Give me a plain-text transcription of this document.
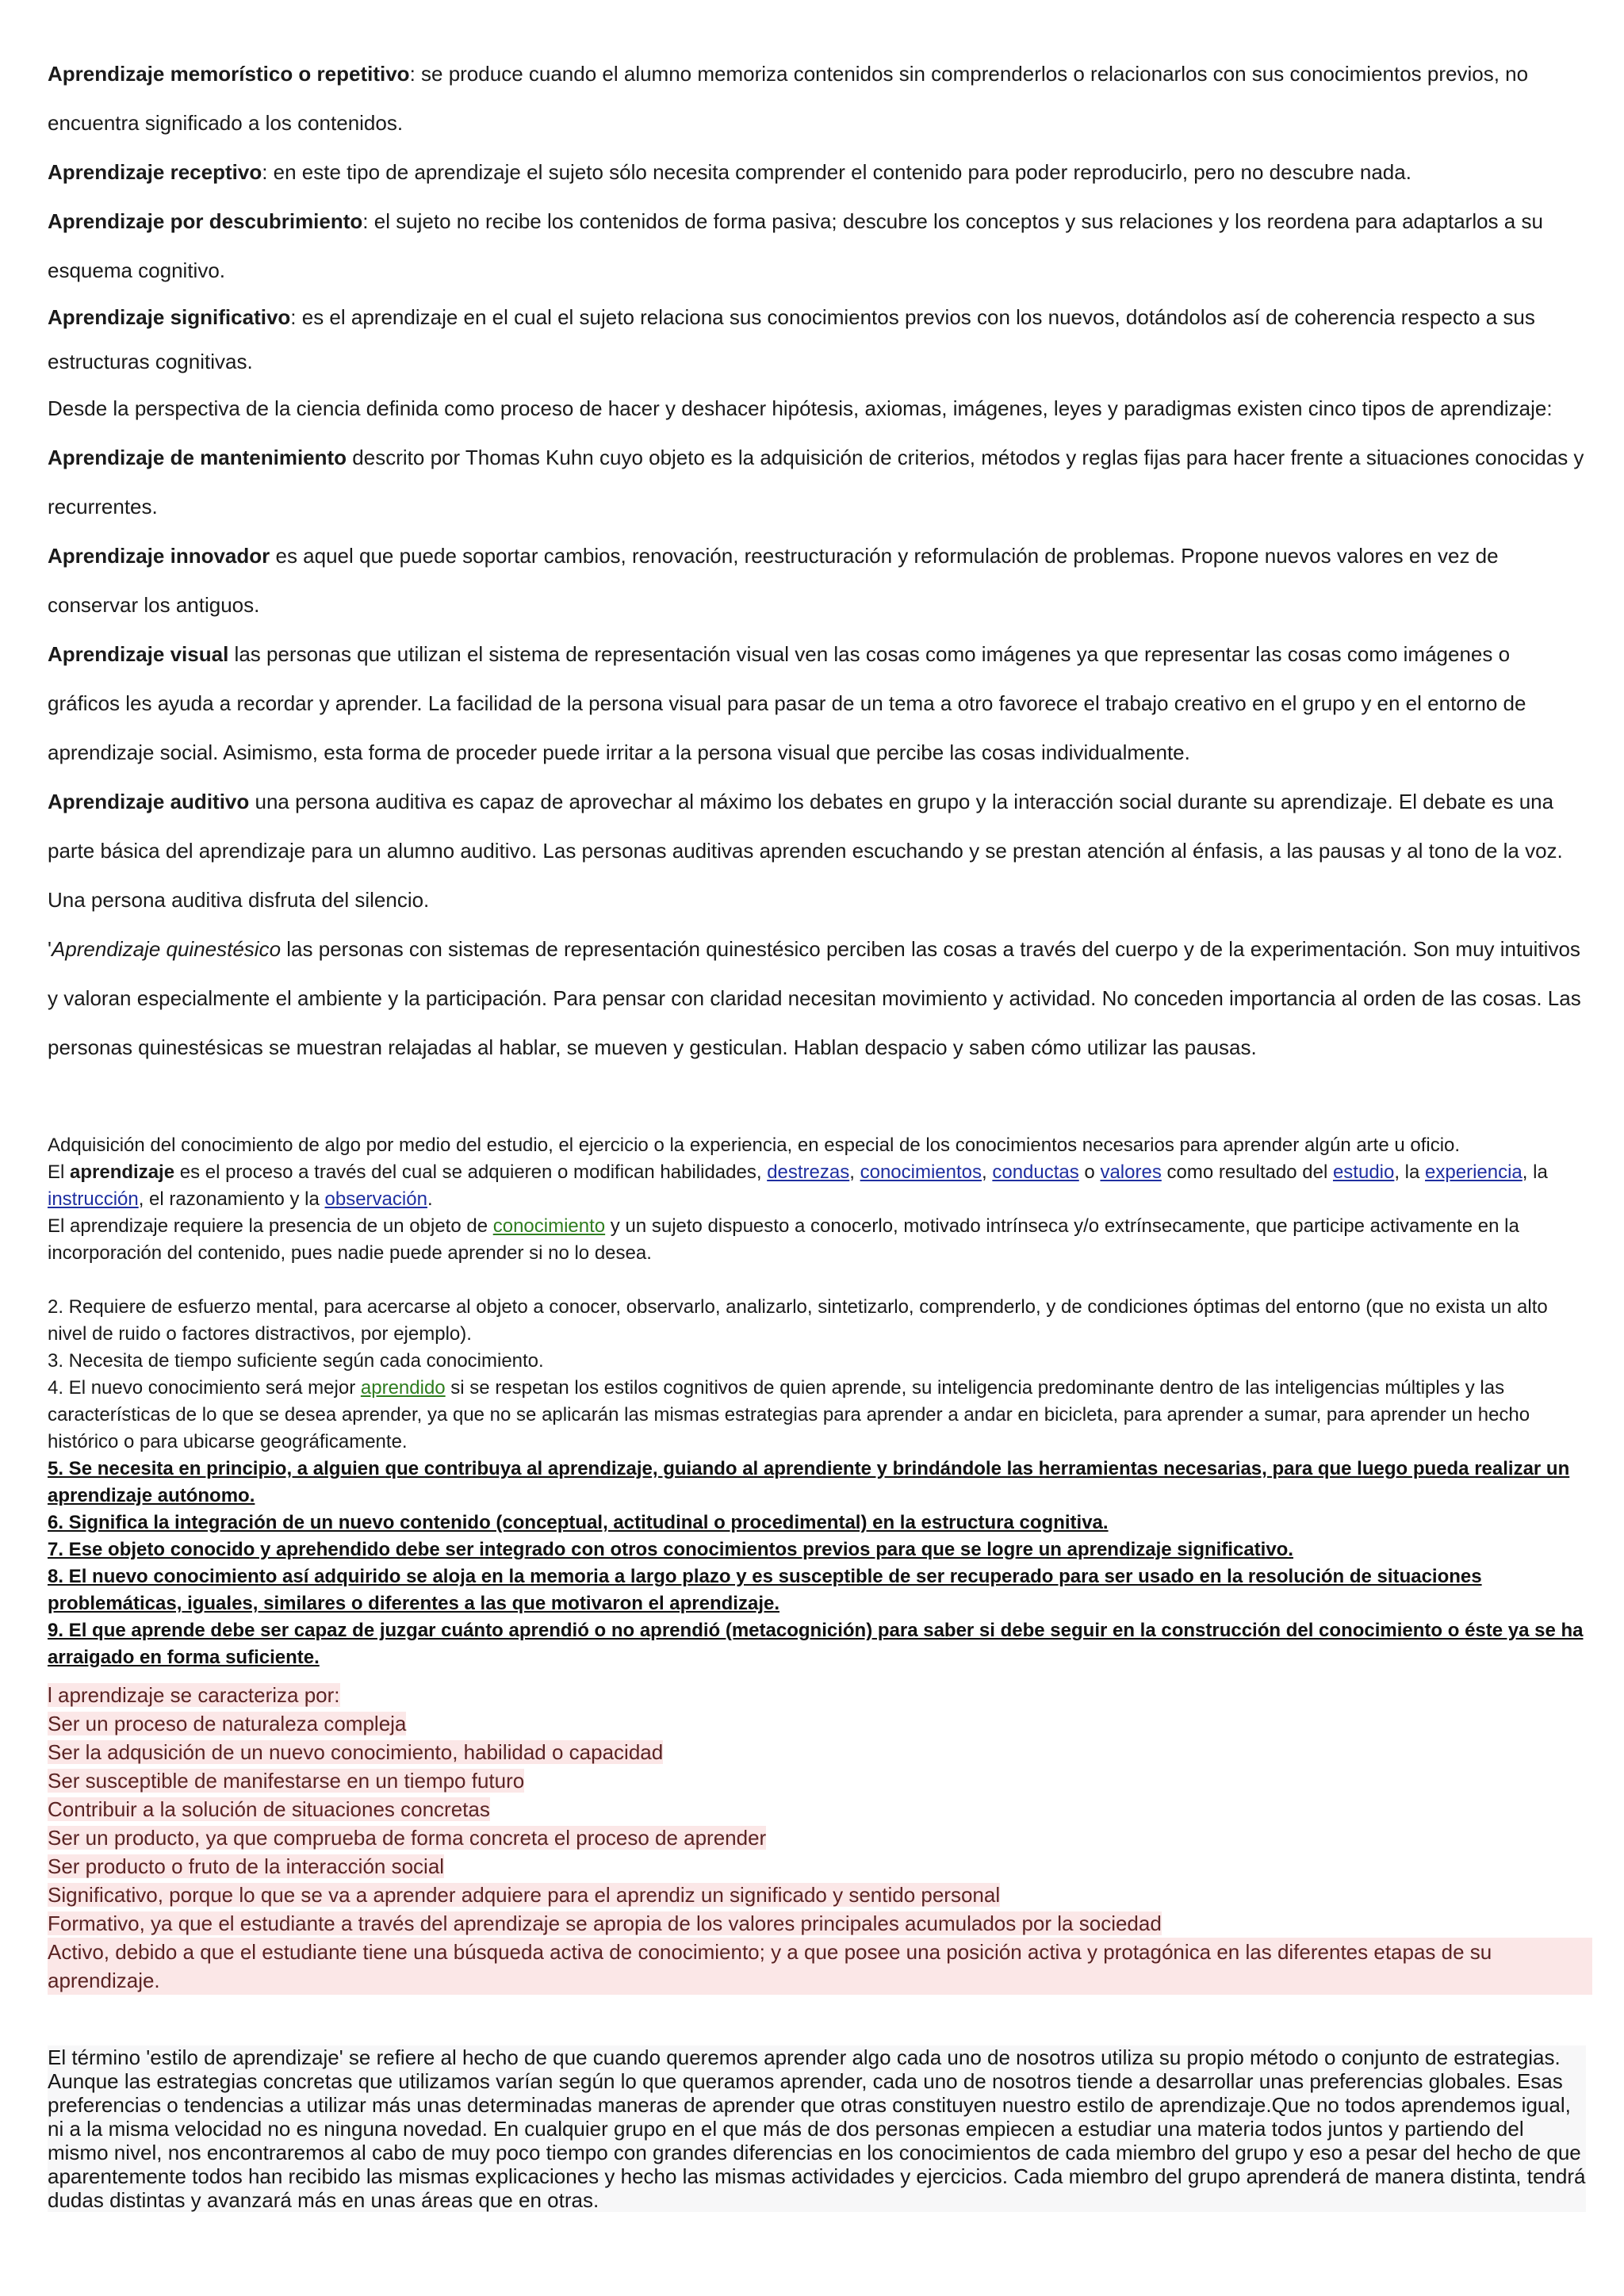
Aprendizaje memorístico o repetitivo: se produce cuando el alumno memoriza contenidos sin comprenderlos o relacionarlos con sus conocimientos previos, no encuentra significado a los contenidos.

Aprendizaje receptivo: en este tipo de aprendizaje el sujeto sólo necesita comprender el contenido para poder reproducirlo, pero no descubre nada.

Aprendizaje por descubrimiento: el sujeto no recibe los contenidos de forma pasiva; descubre los conceptos y sus relaciones y los reordena para adaptarlos a su esquema cognitivo.

Aprendizaje significativo: es el aprendizaje en el cual el sujeto relaciona sus conocimientos previos con los nuevos, dotándolos así de coherencia respecto a sus estructuras cognitivas.

Desde la perspectiva de la ciencia definida como proceso de hacer y deshacer hipótesis, axiomas, imágenes, leyes y paradigmas existen cinco tipos de aprendizaje:

Aprendizaje de mantenimiento descrito por Thomas Kuhn cuyo objeto es la adquisición de criterios, métodos y reglas fijas para hacer frente a situaciones conocidas y recurrentes.

Aprendizaje innovador es aquel que puede soportar cambios, renovación, reestructuración y reformulación de problemas. Propone nuevos valores en vez de conservar los antiguos.

Aprendizaje visual las personas que utilizan el sistema de representación visual ven las cosas como imágenes ya que representar las cosas como imágenes o gráficos les ayuda a recordar y aprender. La facilidad de la persona visual para pasar de un tema a otro favorece el trabajo creativo en el grupo y en el entorno de aprendizaje social. Asimismo, esta forma de proceder puede irritar a la persona visual que percibe las cosas individualmente.

Aprendizaje auditivo una persona auditiva es capaz de aprovechar al máximo los debates en grupo y la interacción social durante su aprendizaje. El debate es una parte básica del aprendizaje para un alumno auditivo. Las personas auditivas aprenden escuchando y se prestan atención al énfasis, a las pausas y al tono de la voz. Una persona auditiva disfruta del silencio.

'Aprendizaje quinestésico las personas con sistemas de representación quinestésico perciben las cosas a través del cuerpo y de la experimentación. Son muy intuitivos y valoran especialmente el ambiente y la participación. Para pensar con claridad necesitan movimiento y actividad. No conceden importancia al orden de las cosas. Las personas quinestésicas se muestran relajadas al hablar, se mueven y gesticulan. Hablan despacio y saben cómo utilizar las pausas.

Adquisición del conocimiento de algo por medio del estudio, el ejercicio o la experiencia, en especial de los conocimientos necesarios para aprender algún arte u oficio.

El aprendizaje es el proceso a través del cual se adquieren o modifican habilidades, destrezas, conocimientos, conductas o valores como resultado del estudio, la experiencia, la instrucción, el razonamiento y la observación.

El aprendizaje requiere la presencia de un objeto de conocimiento y un sujeto dispuesto a conocerlo, motivado intrínseca y/o extrínsecamente, que participe activamente en la incorporación del contenido, pues nadie puede aprender si no lo desea.

2. Requiere de esfuerzo mental, para acercarse al objeto a conocer, observarlo, analizarlo, sintetizarlo, comprenderlo, y de condiciones óptimas del entorno (que no exista un alto nivel de ruido o factores distractivos, por ejemplo).

3. Necesita de tiempo suficiente según cada conocimiento.

4. El nuevo conocimiento será mejor aprendido si se respetan los estilos cognitivos de quien aprende, su inteligencia predominante dentro de las inteligencias múltiples y las características de lo que se desea aprender, ya que no se aplicarán las mismas estrategias para aprender a andar en bicicleta, para aprender a sumar, para aprender un hecho histórico o para ubicarse geográficamente.

5. Se necesita en principio, a alguien que contribuya al aprendizaje, guiando al aprendiente y brindándole las herramientas necesarias, para que luego pueda realizar un aprendizaje autónomo.

6. Significa la integración de un nuevo contenido (conceptual, actitudinal o procedimental) en la estructura cognitiva.

7. Ese objeto conocido y aprehendido debe ser integrado con otros conocimientos previos para que se logre un aprendizaje significativo.

8. El nuevo conocimiento así adquirido se aloja en la memoria a largo plazo y es susceptible de ser recuperado para ser usado en la resolución de situaciones problemáticas, iguales, similares o diferentes a las que motivaron el aprendizaje.

9. El que aprende debe ser capaz de juzgar cuánto aprendió o no aprendió (metacognición) para saber si debe seguir en la construcción del conocimiento o éste ya se ha arraigado en forma suficiente.

l aprendizaje se caracteriza por:
Ser un proceso de naturaleza compleja
Ser la adqusición de un nuevo conocimiento, habilidad o capacidad
Ser susceptible de manifestarse en un tiempo futuro
Contribuir a la solución de situaciones concretas
Ser un producto, ya que comprueba de forma concreta el proceso de aprender
Ser producto o fruto de la interacción social
Significativo, porque lo que se va a aprender adquiere para el aprendiz un significado y sentido personal
Formativo, ya que el estudiante a través del aprendizaje se apropia de los valores principales acumulados por la sociedad
Activo, debido a que el estudiante tiene una búsqueda activa de conocimiento; y a que posee una posición activa y protagónica en las diferentes etapas de su aprendizaje.

El término 'estilo de aprendizaje' se refiere al hecho de que cuando queremos aprender algo cada uno de nosotros utiliza su propio método o conjunto de estrategias. Aunque las estrategias concretas que utilizamos varían según lo que queramos aprender, cada uno de nosotros tiende a desarrollar unas preferencias globales. Esas preferencias o tendencias a utilizar más unas determinadas maneras de aprender que otras constituyen nuestro estilo de aprendizaje.Que no todos aprendemos igual, ni a la misma velocidad no es ninguna novedad. En cualquier grupo en el que más de dos personas empiecen a estudiar una materia todos juntos y partiendo del mismo nivel, nos encontraremos al cabo de muy poco tiempo con grandes diferencias en los conocimientos de cada miembro del grupo y eso a pesar del hecho de que aparentemente todos han recibido las mismas explicaciones y hecho las mismas actividades y ejercicios. Cada miembro del grupo aprenderá de manera distinta, tendrá dudas distintas y avanzará más en unas áreas que en otras.
